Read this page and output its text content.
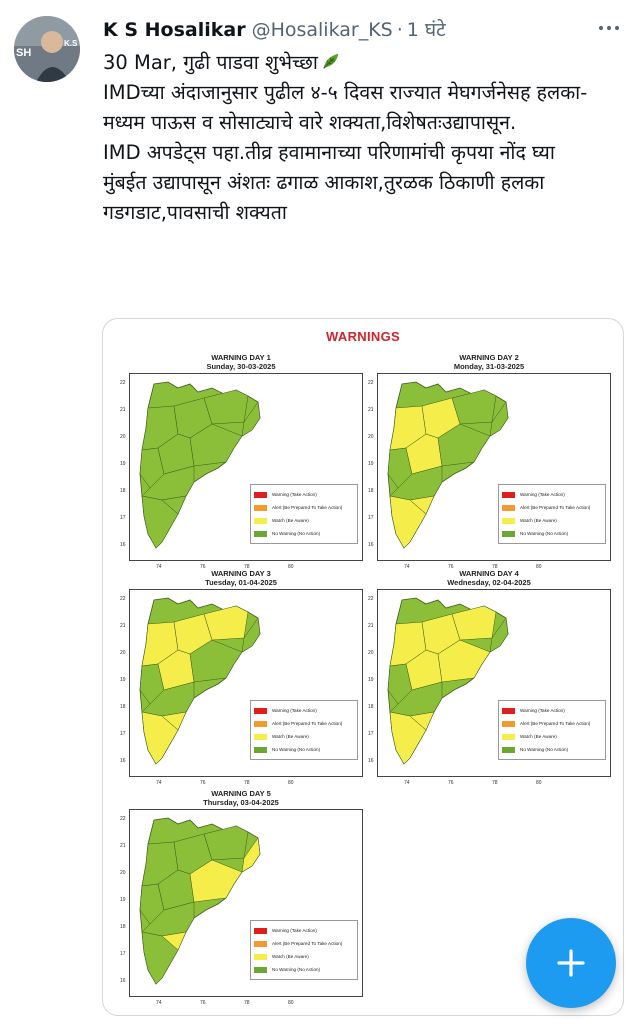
SH
K.S
K S Hosalikar @Hosalikar_KS · 1 घंटे

30 Mar, गुढी पाडवा शुभेच्छा

IMDच्या अंदाजानुसार पुढील ४-५ दिवस राज्यात मेघगर्जनेसह हलका-मध्यम पाऊस व सोसाट्याचे वारे शक्यता,विशेषतःउद्यापासून.

IMD अपडेट्स पहा.तीव्र हवामानाच्या परिणामांची कृपया नोंद घ्या

मुंबईत उद्यापासून अंशतः ढगाळ आकाश,तुरळक ठिकाणी हलका गडगडाट,पावसाची शक्यता

WARNINGS
WARNING DAY 1
Sunday, 30-03-2025
22
21
20
19
18
17
16
74	76	78	80
Warning (Take Action)
Alert (Be Prepared To Take Action)
Watch (Be Aware)
No Warning (No Action)
WARNING DAY 2
Monday, 31-03-2025
22
21
20
19
18
17
16
74	76	78	80
Warning (Take Action)
Alert (Be Prepared To Take Action)
Watch (Be Aware)
No Warning (No Action)
WARNING DAY 3
Tuesday, 01-04-2025
22
21
20
19
18
17
16
74	76	78	80
Warning (Take Action)
Alert (Be Prepared To Take Action)
Watch (Be Aware)
No Warning (No Action)
WARNING DAY 4
Wednesday, 02-04-2025
22
21
20
19
18
17
16
74	76	78	80
Warning (Take Action)
Alert (Be Prepared To Take Action)
Watch (Be Aware)
No Warning (No Action)
WARNING DAY 5
Thursday, 03-04-2025
22
21
20
19
18
17
16
74	76	78	80
Warning (Take Action)
Alert (Be Prepared To Take Action)
Watch (Be Aware)
No Warning (No Action)
